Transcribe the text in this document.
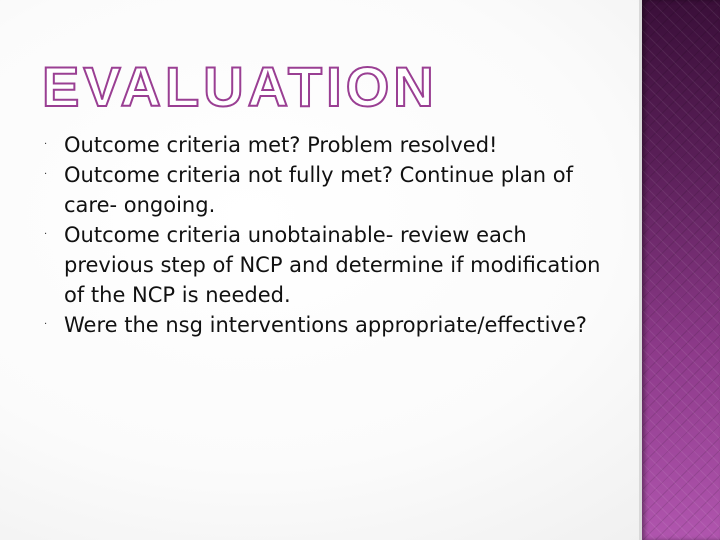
EVALUATION
· Outcome criteria met? Problem resolved!
· Outcome criteria not fully met? Continue plan of care- ongoing.
· Outcome criteria unobtainable- review each previous step of NCP and determine if modification of the NCP is needed.
· Were the nsg interventions appropriate/effective?
